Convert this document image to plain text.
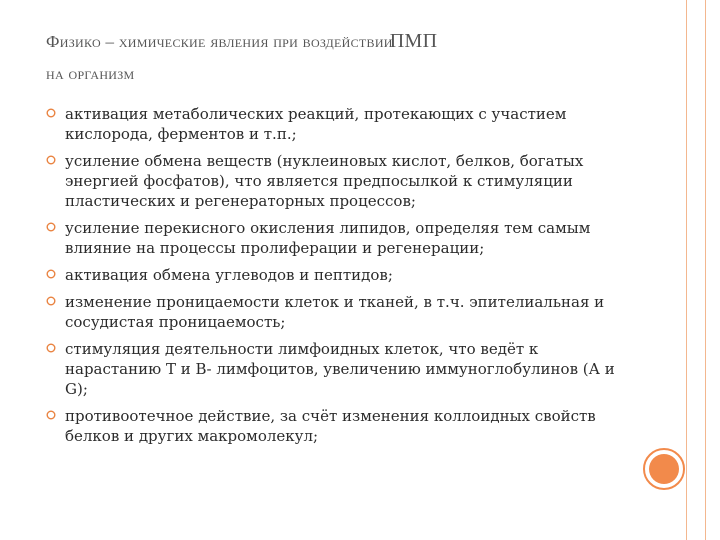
Физико – химические явления при воздействииПМП
на организм
активация метаболических реакций, протекающих с участием кислорода, ферментов и т.п.;
усиление обмена веществ (нуклеиновых кислот, белков, богатых энергией фосфатов), что является предпосылкой к стимуляции пластических и регенераторных процессов;
усиление перекисного окисления липидов, определяя тем самым влияние на процессы пролиферации и регенерации;
активация обмена углеводов и пептидов;
изменение проницаемости клеток и тканей, в т.ч. эпителиальная и сосудистая проницаемость;
стимуляция деятельности лимфоидных клеток, что ведёт к нарастанию Т и В- лимфоцитов, увеличению иммуноглобулинов (А и G);
противоотечное действие, за счёт изменения коллоидных свойств белков и других макромолекул;
